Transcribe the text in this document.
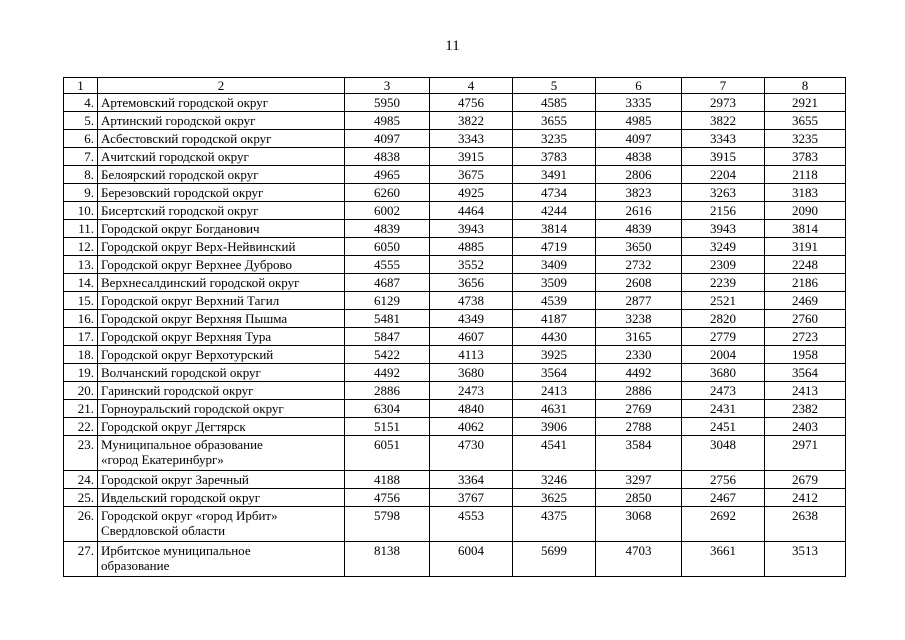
11
1	2	3	4	5	6	7	8
4.	Артемовский городской округ	5950	4756	4585	3335	2973	2921
5.	Артинский городской округ	4985	3822	3655	4985	3822	3655
6.	Асбестовский городской округ	4097	3343	3235	4097	3343	3235
7.	Ачитский городской округ	4838	3915	3783	4838	3915	3783
8.	Белоярский городской округ	4965	3675	3491	2806	2204	2118
9.	Березовский городской округ	6260	4925	4734	3823	3263	3183
10.	Бисертский городской округ	6002	4464	4244	2616	2156	2090
11.	Городской округ Богданович	4839	3943	3814	4839	3943	3814
12.	Городской округ Верх-Нейвинский	6050	4885	4719	3650	3249	3191
13.	Городской округ Верхнее Дуброво	4555	3552	3409	2732	2309	2248
14.	Верхнесалдинский городской округ	4687	3656	3509	2608	2239	2186
15.	Городской округ Верхний Тагил	6129	4738	4539	2877	2521	2469
16.	Городской округ Верхняя Пышма	5481	4349	4187	3238	2820	2760
17.	Городской округ Верхняя Тура	5847	4607	4430	3165	2779	2723
18.	Городской округ Верхотурский	5422	4113	3925	2330	2004	1958
19.	Волчанский городской округ	4492	3680	3564	4492	3680	3564
20.	Гаринский городской округ	2886	2473	2413	2886	2473	2413
21.	Горноуральский городской округ	6304	4840	4631	2769	2431	2382
22.	Городской округ Дегтярск	5151	4062	3906	2788	2451	2403
23.	Муниципальное образование
«город Екатеринбург»	6051	4730	4541	3584	3048	2971
24.	Городской округ Заречный	4188	3364	3246	3297	2756	2679
25.	Ивдельский городской округ	4756	3767	3625	2850	2467	2412
26.	Городской округ «город Ирбит»
Свердловской области	5798	4553	4375	3068	2692	2638
27.	Ирбитское муниципальное
образование	8138	6004	5699	4703	3661	3513
